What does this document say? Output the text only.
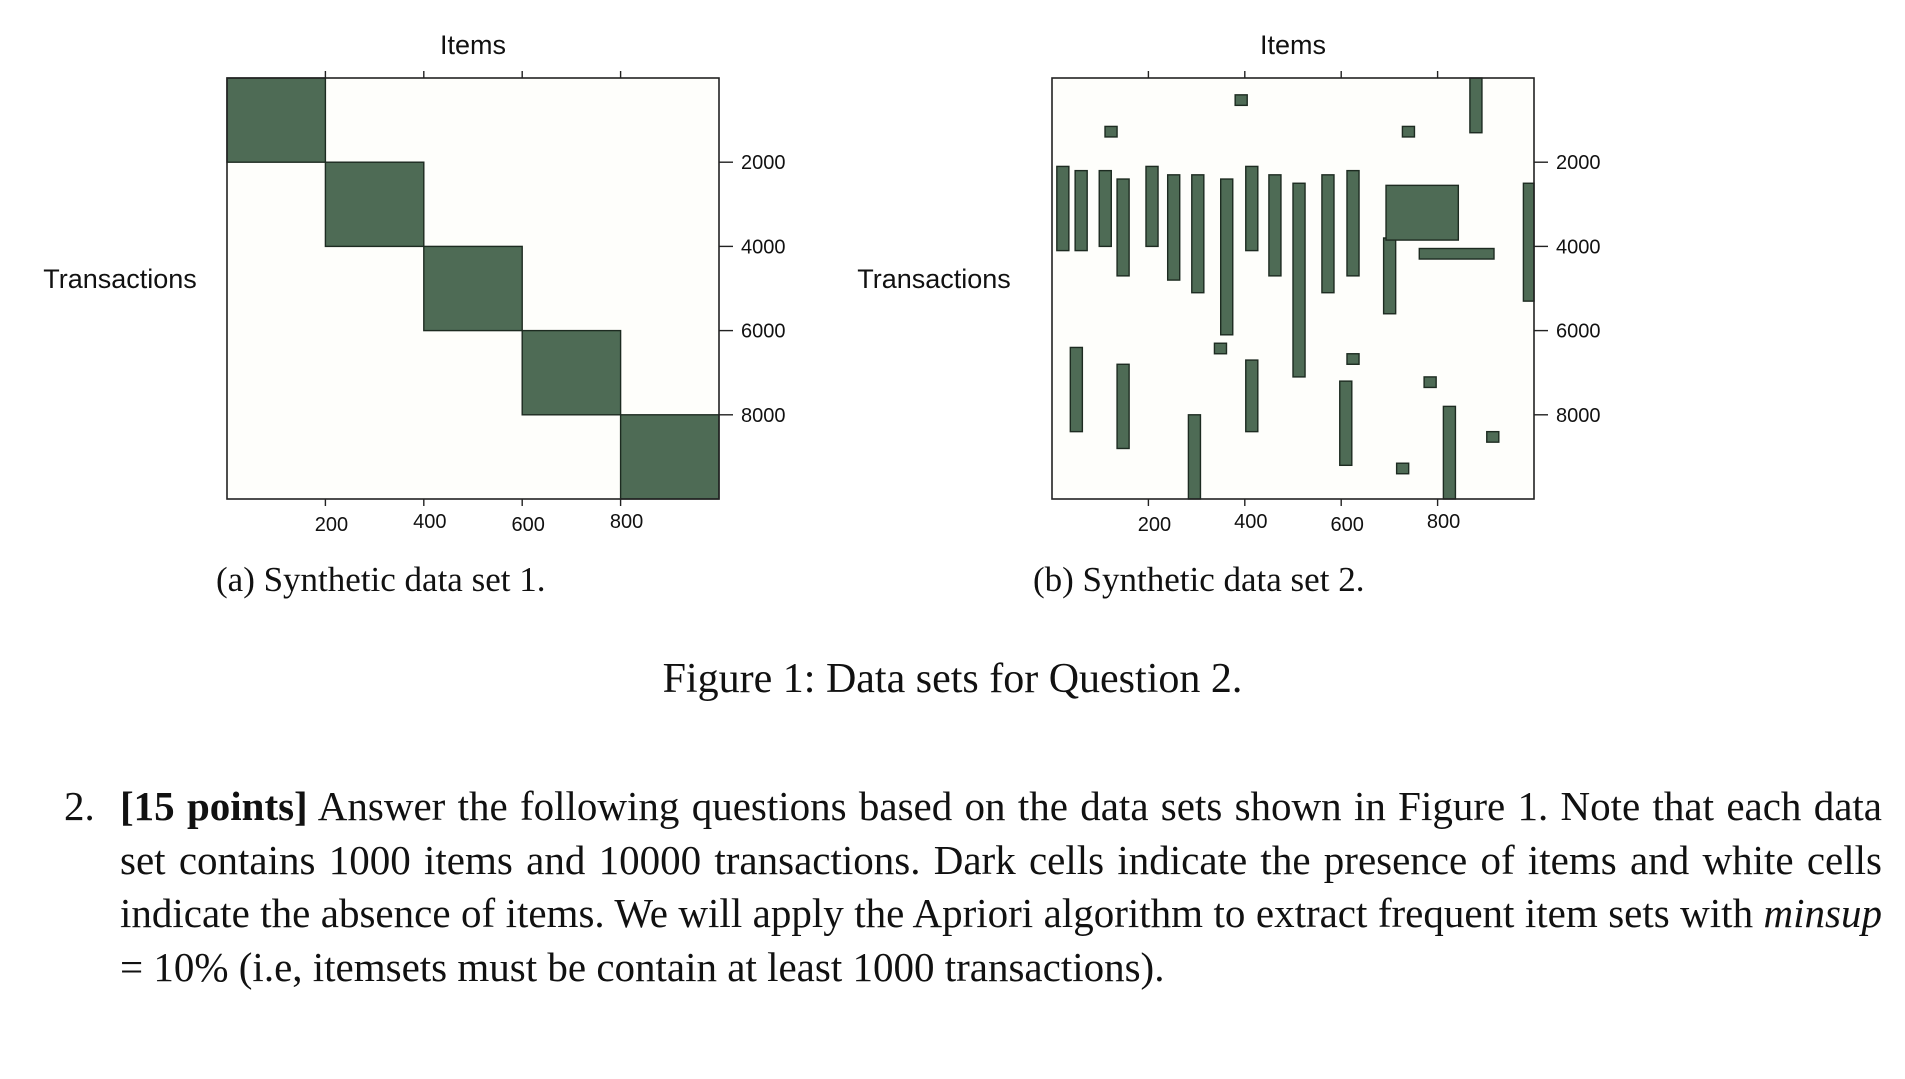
200	400	600	800
2000
4000
6000
8000
Items
Transactions
200	400	600	800
2000
4000
6000
8000
Items
Transactions
(a) Synthetic data set 1.	(b) Synthetic data set 2.
Figure 1: Data sets for Question 2.
2. [15 points] Answer the following questions based on the data sets shown in Figure 1. Note that each data set contains 1000 items and 10000 transactions. Dark cells indicate the presence of items and white cells indicate the absence of items. We will apply the Apriori algorithm to extract frequent item sets with minsup = 10% (i.e, itemsets must be contain at least 1000 transactions).
